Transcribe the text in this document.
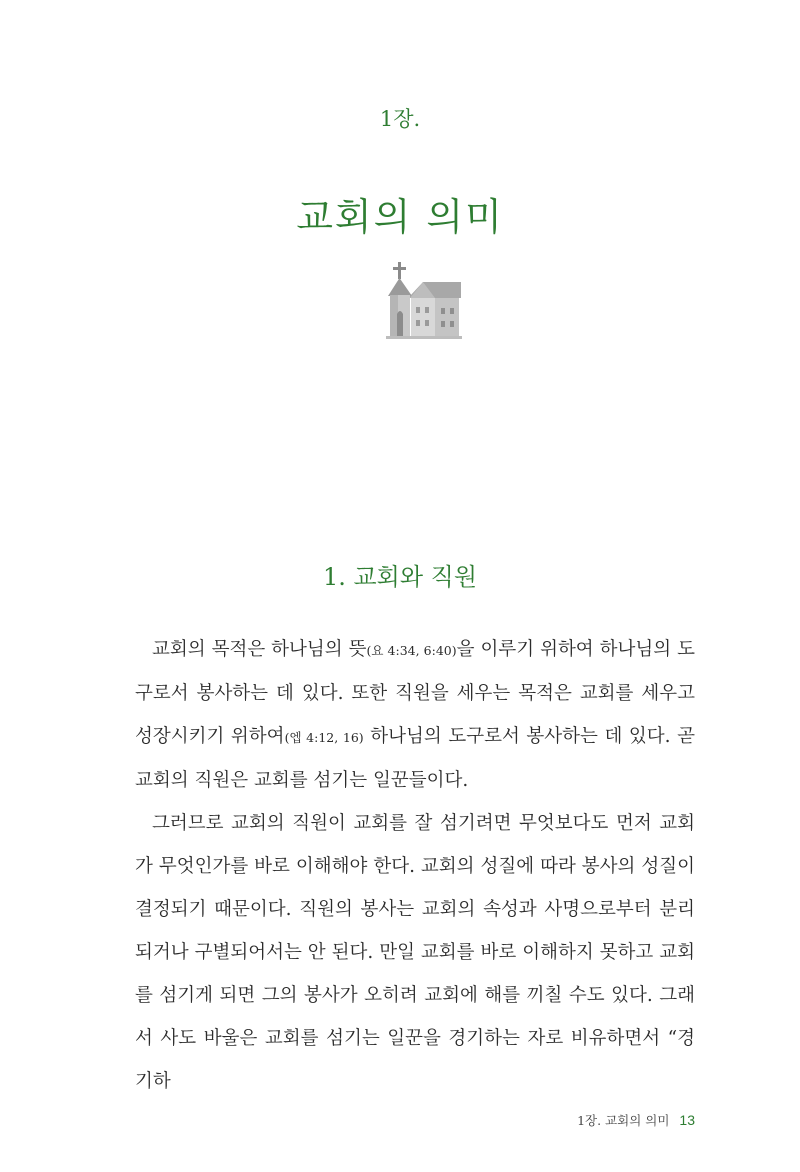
1장.
교회의 의미
1. 교회와 직원

교회의 목적은 하나님의 뜻(요 4:34, 6:40)을 이루기 위하여 하나님의 도구로서 봉사하는 데 있다. 또한 직원을 세우는 목적은 교회를 세우고 성장시키기 위하여(엡 4:12, 16) 하나님의 도구로서 봉사하는 데 있다. 곧 교회의 직원은 교회를 섬기는 일꾼들이다.

그러므로 교회의 직원이 교회를 잘 섬기려면 무엇보다도 먼저 교회가 무엇인가를 바로 이해해야 한다. 교회의 성질에 따라 봉사의 성질이 결정되기 때문이다. 직원의 봉사는 교회의 속성과 사명으로부터 분리되거나 구별되어서는 안 된다. 만일 교회를 바로 이해하지 못하고 교회를 섬기게 되면 그의 봉사가 오히려 교회에 해를 끼칠 수도 있다. 그래서 사도 바울은 교회를 섬기는 일꾼을 경기하는 자로 비유하면서 “경기하

1장. 교회의 의미 13
